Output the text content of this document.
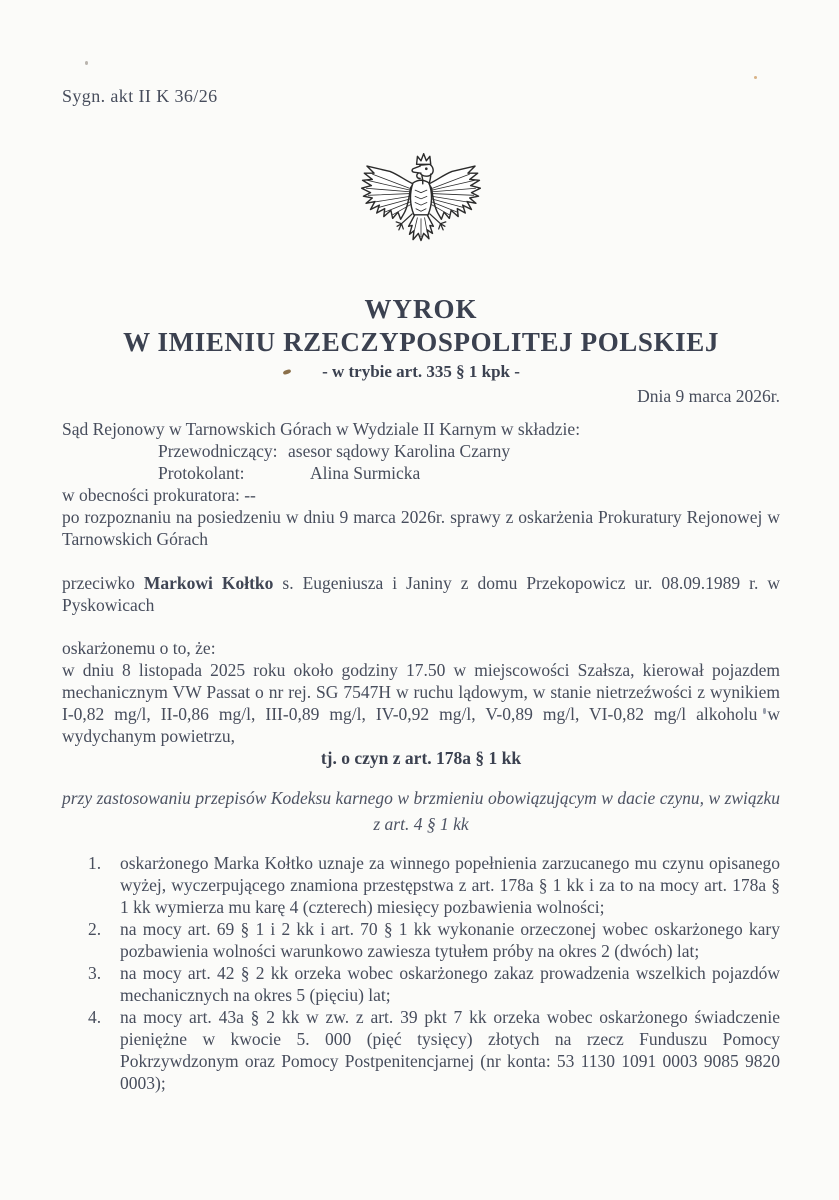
Sygn. akt II K 36/26
WYROK
W IMIENIU RZECZYPOSPOLITEJ POLSKIEJ
- w trybie art. 335 § 1 kpk -
Dnia 9 marca 2026r.
Sąd Rejonowy w Tarnowskich Górach w Wydziale II Karnym w składzie:
Przewodniczący: asesor sądowy Karolina Czarny
Protokolant:	Alina Surmicka
w obecności prokuratora: --
po rozpoznaniu na posiedzeniu w dniu 9 marca 2026r. sprawy z oskarżenia Prokuratury Rejonowej w Tarnowskich Górach
przeciwko Markowi Kołtko s. Eugeniusza i Janiny z domu Przekopowicz ur. 08.09.1989 r. w Pyskowicach
oskarżonemu o to, że:
w dniu 8 listopada 2025 roku około godziny 17.50 w miejscowości Szałsza, kierował pojazdem mechanicznym VW Passat o nr rej. SG 7547H w ruchu lądowym, w stanie nietrzeźwości z wynikiem I-0,82 mg/l, II-0,86 mg/l, III-0,89 mg/l, IV-0,92 mg/l, V-0,89 mg/l, VI-0,82 mg/l alkoholu w wydychanym powietrzu,
tj. o czyn z art. 178a § 1 kk
przy zastosowaniu przepisów Kodeksu karnego w brzmieniu obowiązującym w dacie czynu, w związku z art. 4 § 1 kk
1.	oskarżonego Marka Kołtko uznaje za winnego popełnienia zarzucanego mu czynu opisanego wyżej, wyczerpującego znamiona przestępstwa z art. 178a § 1 kk i za to na mocy art. 178a § 1 kk wymierza mu karę 4 (czterech) miesięcy pozbawienia wolności;
2.	na mocy art. 69 § 1 i 2 kk i art. 70 § 1 kk wykonanie orzeczonej wobec oskarżonego kary pozbawienia wolności warunkowo zawiesza tytułem próby na okres 2 (dwóch) lat;
3.	na mocy art. 42 § 2 kk orzeka wobec oskarżonego zakaz prowadzenia wszelkich pojazdów mechanicznych na okres 5 (pięciu) lat;
4.	na mocy art. 43a § 2 kk w zw. z art. 39 pkt 7 kk orzeka wobec oskarżonego świadczenie pieniężne w kwocie 5. 000 (pięć tysięcy) złotych na rzecz Funduszu Pomocy Pokrzywdzonym oraz Pomocy Postpenitencjarnej (nr konta: 53 1130 1091 0003 9085 9820 0003);
